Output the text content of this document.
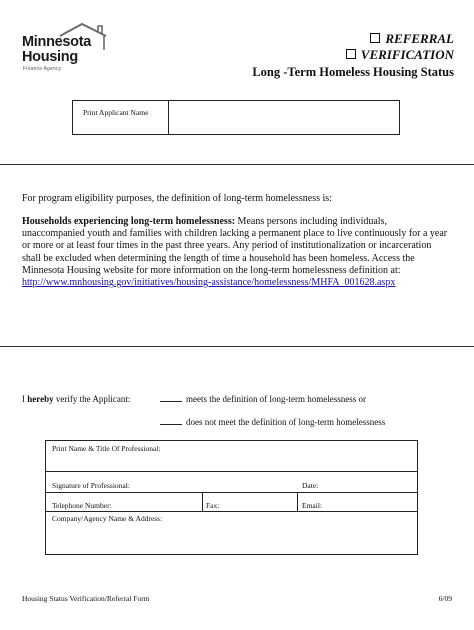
Minnesota
Housing
Finance Agency
REFERRAL
VERIFICATION
Long -Term Homeless Housing Status
Print Applicant Name
For program eligibility purposes, the definition of long-term homelessness is:
Households experiencing long-term homelessness: Means persons including individuals, unaccompanied youth and families with children lacking a permanent place to live continuously for a year or more or at least four times in the past three years. Any period of institutionalization or incarceration shall be excluded when determining the length of time a household has been homeless. Access the Minnesota Housing website for more information on the long-term homelessness definition at: http://www.mnhousing.gov/initiatives/housing-assistance/homelessness/MHFA_001628.aspx
I hereby verify the Applicant:	meets the definition of long-term homelessness or
does not meet the definition of long-term homelessness
Print Name & Title Of Professional:
Signature of Professional:	Date:
Telephone Number:	Fax:	Email:
Company/Agency Name & Address:
Housing Status Verification/Referral Form	6/09
